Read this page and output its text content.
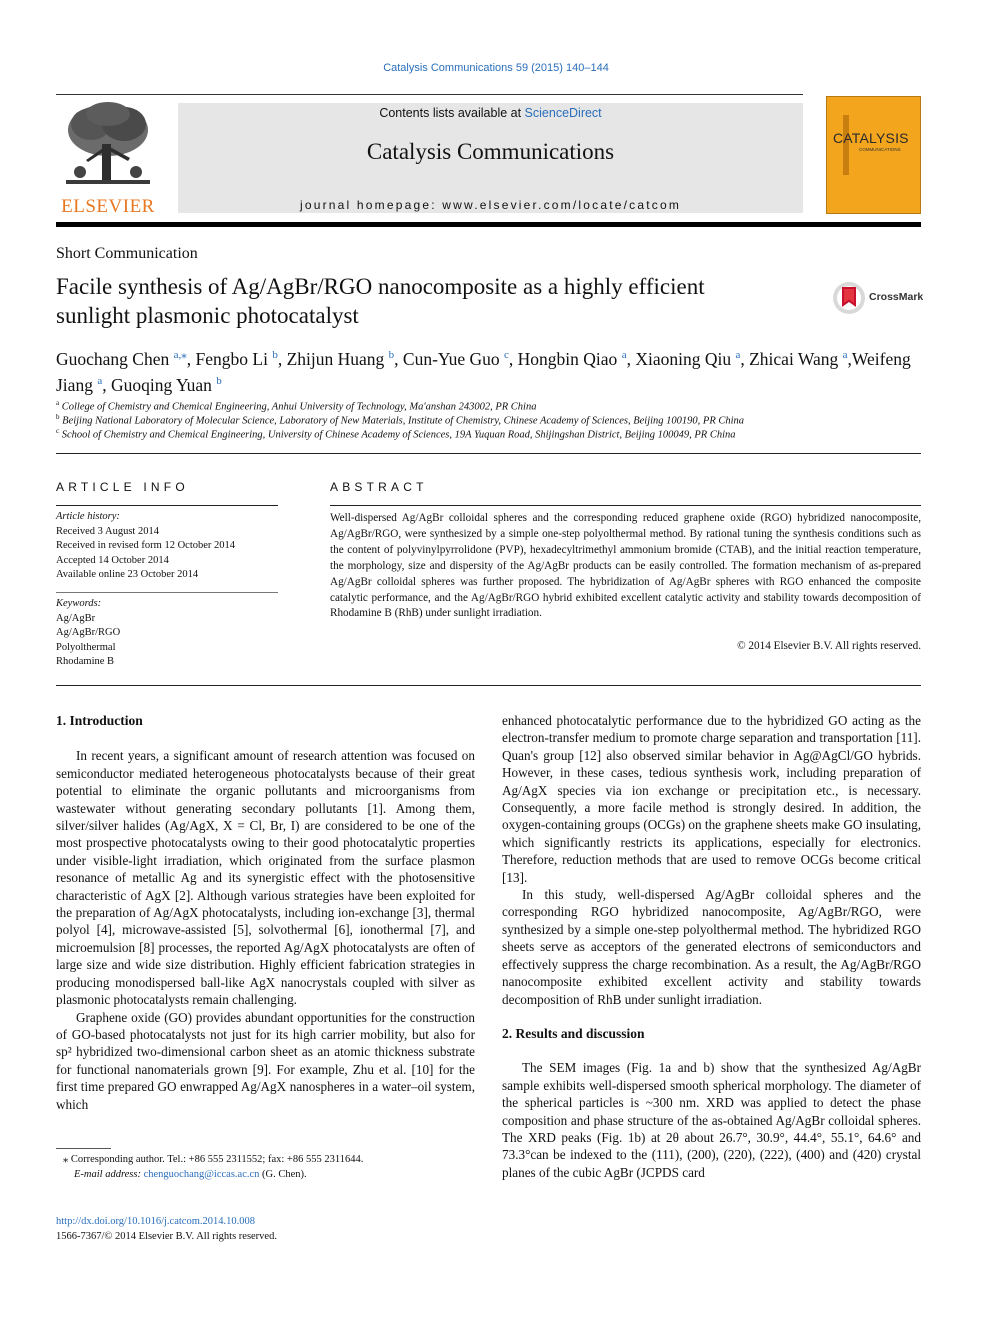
Catalysis Communications 59 (2015) 140–144
ELSEVIER
Contents lists available at ScienceDirect
Catalysis Communications
journal homepage: www.elsevier.com/locate/catcom
CATALYSIS
COMMUNICATIONS
Short Communication
Facile synthesis of Ag/AgBr/RGO nanocomposite as a highly efficient
sunlight plasmonic photocatalyst
CrossMark
Guochang Chen $^{a,⁎}$, Fengbo Li $^b$, Zhijun Huang $^b$, Cun-Yue Guo $^c$, Hongbin Qiao $^a$, Xiaoning Qiu $^a$, Zhicai Wang $^a$,Weifeng Jiang $^a$, Guoqing Yuan $^b$
$^a$ College of Chemistry and Chemical Engineering, Anhui University of Technology, Ma'anshan 243002, PR China
$^b$ Beijing National Laboratory of Molecular Science, Laboratory of New Materials, Institute of Chemistry, Chinese Academy of Sciences, Beijing 100190, PR China
$^c$ School of Chemistry and Chemical Engineering, University of Chinese Academy of Sciences, 19A Yuquan Road, Shijingshan District, Beijing 100049, PR China
ARTICLE INFO	ABSTRACT
Article history:
Received 3 August 2014
Received in revised form 12 October 2014
Accepted 14 October 2014
Available online 23 October 2014
Keywords:
Ag/AgBr
Ag/AgBr/RGO
Polyolthermal
Rhodamine B
Well-dispersed Ag/AgBr colloidal spheres and the corresponding reduced graphene oxide (RGO) hybridized nanocomposite, Ag/AgBr/RGO, were synthesized by a simple one-step polyolthermal method. By rational tuning the synthesis conditions such as the content of polyvinylpyrrolidone (PVP), hexadecyltrimethyl ammonium bromide (CTAB), and the initial reaction temperature, the morphology, size and dispersity of the Ag/AgBr products can be easily controlled. The formation mechanism of as-prepared Ag/AgBr colloidal spheres was further proposed. The hybridization of Ag/AgBr spheres with RGO enhanced the composite catalytic performance, and the Ag/AgBr/RGO hybrid exhibited excellent catalytic activity and stability towards decomposition of Rhodamine B (RhB) under sunlight irradiation.
© 2014 Elsevier B.V. All rights reserved.
1. Introduction

In recent years, a significant amount of research attention was focused on semiconductor mediated heterogeneous photocatalysts because of their great potential to eliminate the organic pollutants and microorganisms from wastewater without generating secondary pollutants [1]. Among them, silver/silver halides (Ag/AgX, X = Cl, Br, I) are considered to be one of the most prospective photocatalysts owing to their good photocatalytic properties under visible-light irradiation, which originated from the surface plasmon resonance of metallic Ag and its synergistic effect with the photosensitive characteristic of AgX [2]. Although various strategies have been exploited for the preparation of Ag/AgX photocatalysts, including ion-exchange [3], thermal polyol [4], microwave-assisted [5], solvothermal [6], ionothermal [7], and microemulsion [8] processes, the reported Ag/AgX photocatalysts are often of large size and wide size distribution. Highly efficient fabrication strategies in producing monodispersed ball-like AgX nanocrystals coupled with silver as plasmonic photocatalysts remain challenging.

Graphene oxide (GO) provides abundant opportunities for the construction of GO-based photocatalysts not just for its high carrier mobility, but also for sp² hybridized two-dimensional carbon sheet as an atomic thickness substrate for functional nanomaterials grown [9]. For example, Zhu et al. [10] for the first time prepared GO enwrapped Ag/AgX nanospheres in a water–oil system, which

enhanced photocatalytic performance due to the hybridized GO acting as the electron-transfer medium to promote charge separation and transportation [11]. Quan's group [12] also observed similar behavior in Ag@AgCl/GO hybrids. However, in these cases, tedious synthesis work, including preparation of Ag/AgX species via ion exchange or precipitation etc., is necessary. Consequently, a more facile method is strongly desired. In addition, the oxygen-containing groups (OCGs) on the graphene sheets make GO insulating, which significantly restricts its applications, especially for electronics. Therefore, reduction methods that are used to remove OCGs become critical [13].

In this study, well-dispersed Ag/AgBr colloidal spheres and the corresponding RGO hybridized nanocomposite, Ag/AgBr/RGO, were synthesized by a simple one-step polyolthermal method. The hybridized RGO sheets serve as acceptors of the generated electrons of semiconductors and effectively suppress the charge recombination. As a result, the Ag/AgBr/RGO nanocomposite exhibited excellent activity and stability towards decomposition of RhB under sunlight irradiation.

2. Results and discussion

The SEM images (Fig. 1a and b) show that the synthesized Ag/AgBr sample exhibits well-dispersed smooth spherical morphology. The diameter of the spherical particles is ~300 nm. XRD was applied to detect the phase composition and phase structure of the as-obtained Ag/AgBr colloidal spheres. The XRD peaks (Fig. 1b) at 2θ about 26.7°, 30.9°, 44.4°, 55.1°, 64.6° and 73.3°can be indexed to the (111), (200), (220), (222), (400) and (420) crystal planes of the cubic AgBr (JCPDS card

⁎ Corresponding author. Tel.: +86 555 2311552; fax: +86 555 2311644.
E-mail address: chenguochang@iccas.ac.cn (G. Chen).
http://dx.doi.org/10.1016/j.catcom.2014.10.008
1566-7367/© 2014 Elsevier B.V. All rights reserved.
